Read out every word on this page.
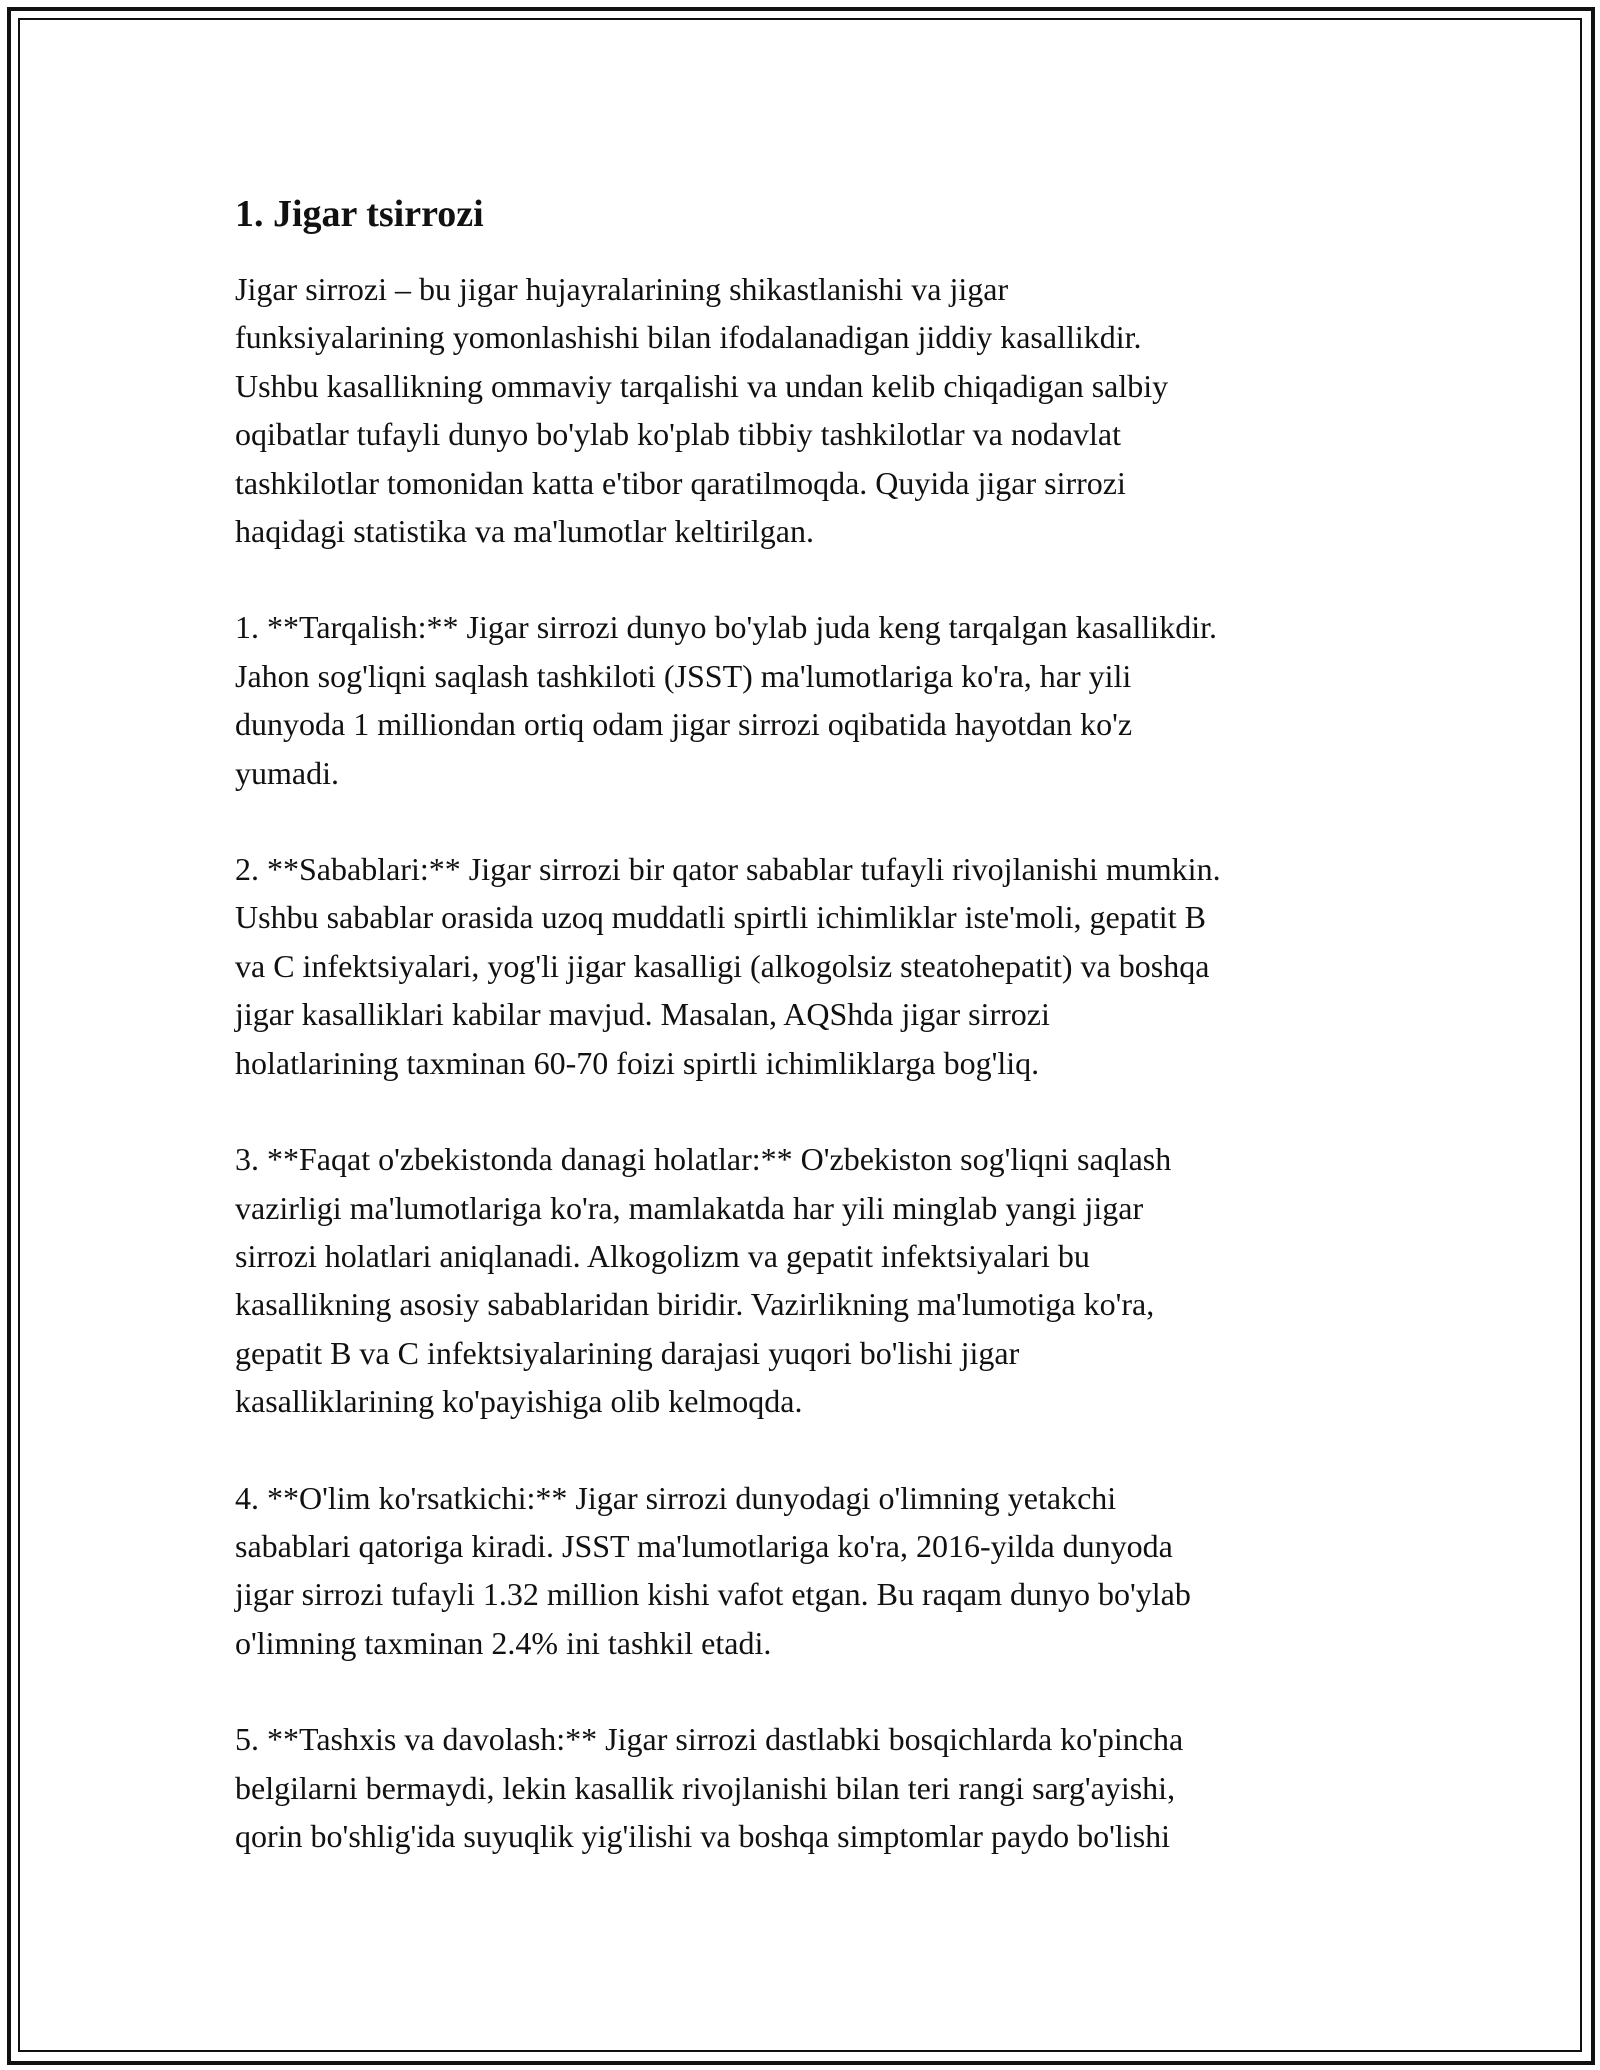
1. Jigar tsirrozi

Jigar sirrozi – bu jigar hujayralarining shikastlanishi va jigar
funksiyalarining yomonlashishi bilan ifodalanadigan jiddiy kasallikdir.
Ushbu kasallikning ommaviy tarqalishi va undan kelib chiqadigan salbiy
oqibatlar tufayli dunyo bo'ylab ko'plab tibbiy tashkilotlar va nodavlat
tashkilotlar tomonidan katta e'tibor qaratilmoqda. Quyida jigar sirrozi
haqidagi statistika va ma'lumotlar keltirilgan.

1. **Tarqalish:** Jigar sirrozi dunyo bo'ylab juda keng tarqalgan kasallikdir.
Jahon sog'liqni saqlash tashkiloti (JSST) ma'lumotlariga ko'ra, har yili
dunyoda 1 milliondan ortiq odam jigar sirrozi oqibatida hayotdan ko'z
yumadi.

2. **Sabablari:** Jigar sirrozi bir qator sabablar tufayli rivojlanishi mumkin.
Ushbu sabablar orasida uzoq muddatli spirtli ichimliklar iste'moli, gepatit B
va C infektsiyalari, yog'li jigar kasalligi (alkogolsiz steatohepatit) va boshqa
jigar kasalliklari kabilar mavjud. Masalan, AQShda jigar sirrozi
holatlarining taxminan 60-70 foizi spirtli ichimliklarga bog'liq.

3. **Faqat o'zbekistonda danagi holatlar:** O'zbekiston sog'liqni saqlash
vazirligi ma'lumotlariga ko'ra, mamlakatda har yili minglab yangi jigar
sirrozi holatlari aniqlanadi. Alkogolizm va gepatit infektsiyalari bu
kasallikning asosiy sabablaridan biridir. Vazirlikning ma'lumotiga ko'ra,
gepatit B va C infektsiyalarining darajasi yuqori bo'lishi jigar
kasalliklarining ko'payishiga olib kelmoqda.

4. **O'lim ko'rsatkichi:** Jigar sirrozi dunyodagi o'limning yetakchi
sabablari qatoriga kiradi. JSST ma'lumotlariga ko'ra, 2016-yilda dunyoda
jigar sirrozi tufayli 1.32 million kishi vafot etgan. Bu raqam dunyo bo'ylab
o'limning taxminan 2.4% ini tashkil etadi.

5. **Tashxis va davolash:** Jigar sirrozi dastlabki bosqichlarda ko'pincha
belgilarni bermaydi, lekin kasallik rivojlanishi bilan teri rangi sarg'ayishi,
qorin bo'shlig'ida suyuqlik yig'ilishi va boshqa simptomlar paydo bo'lishi
